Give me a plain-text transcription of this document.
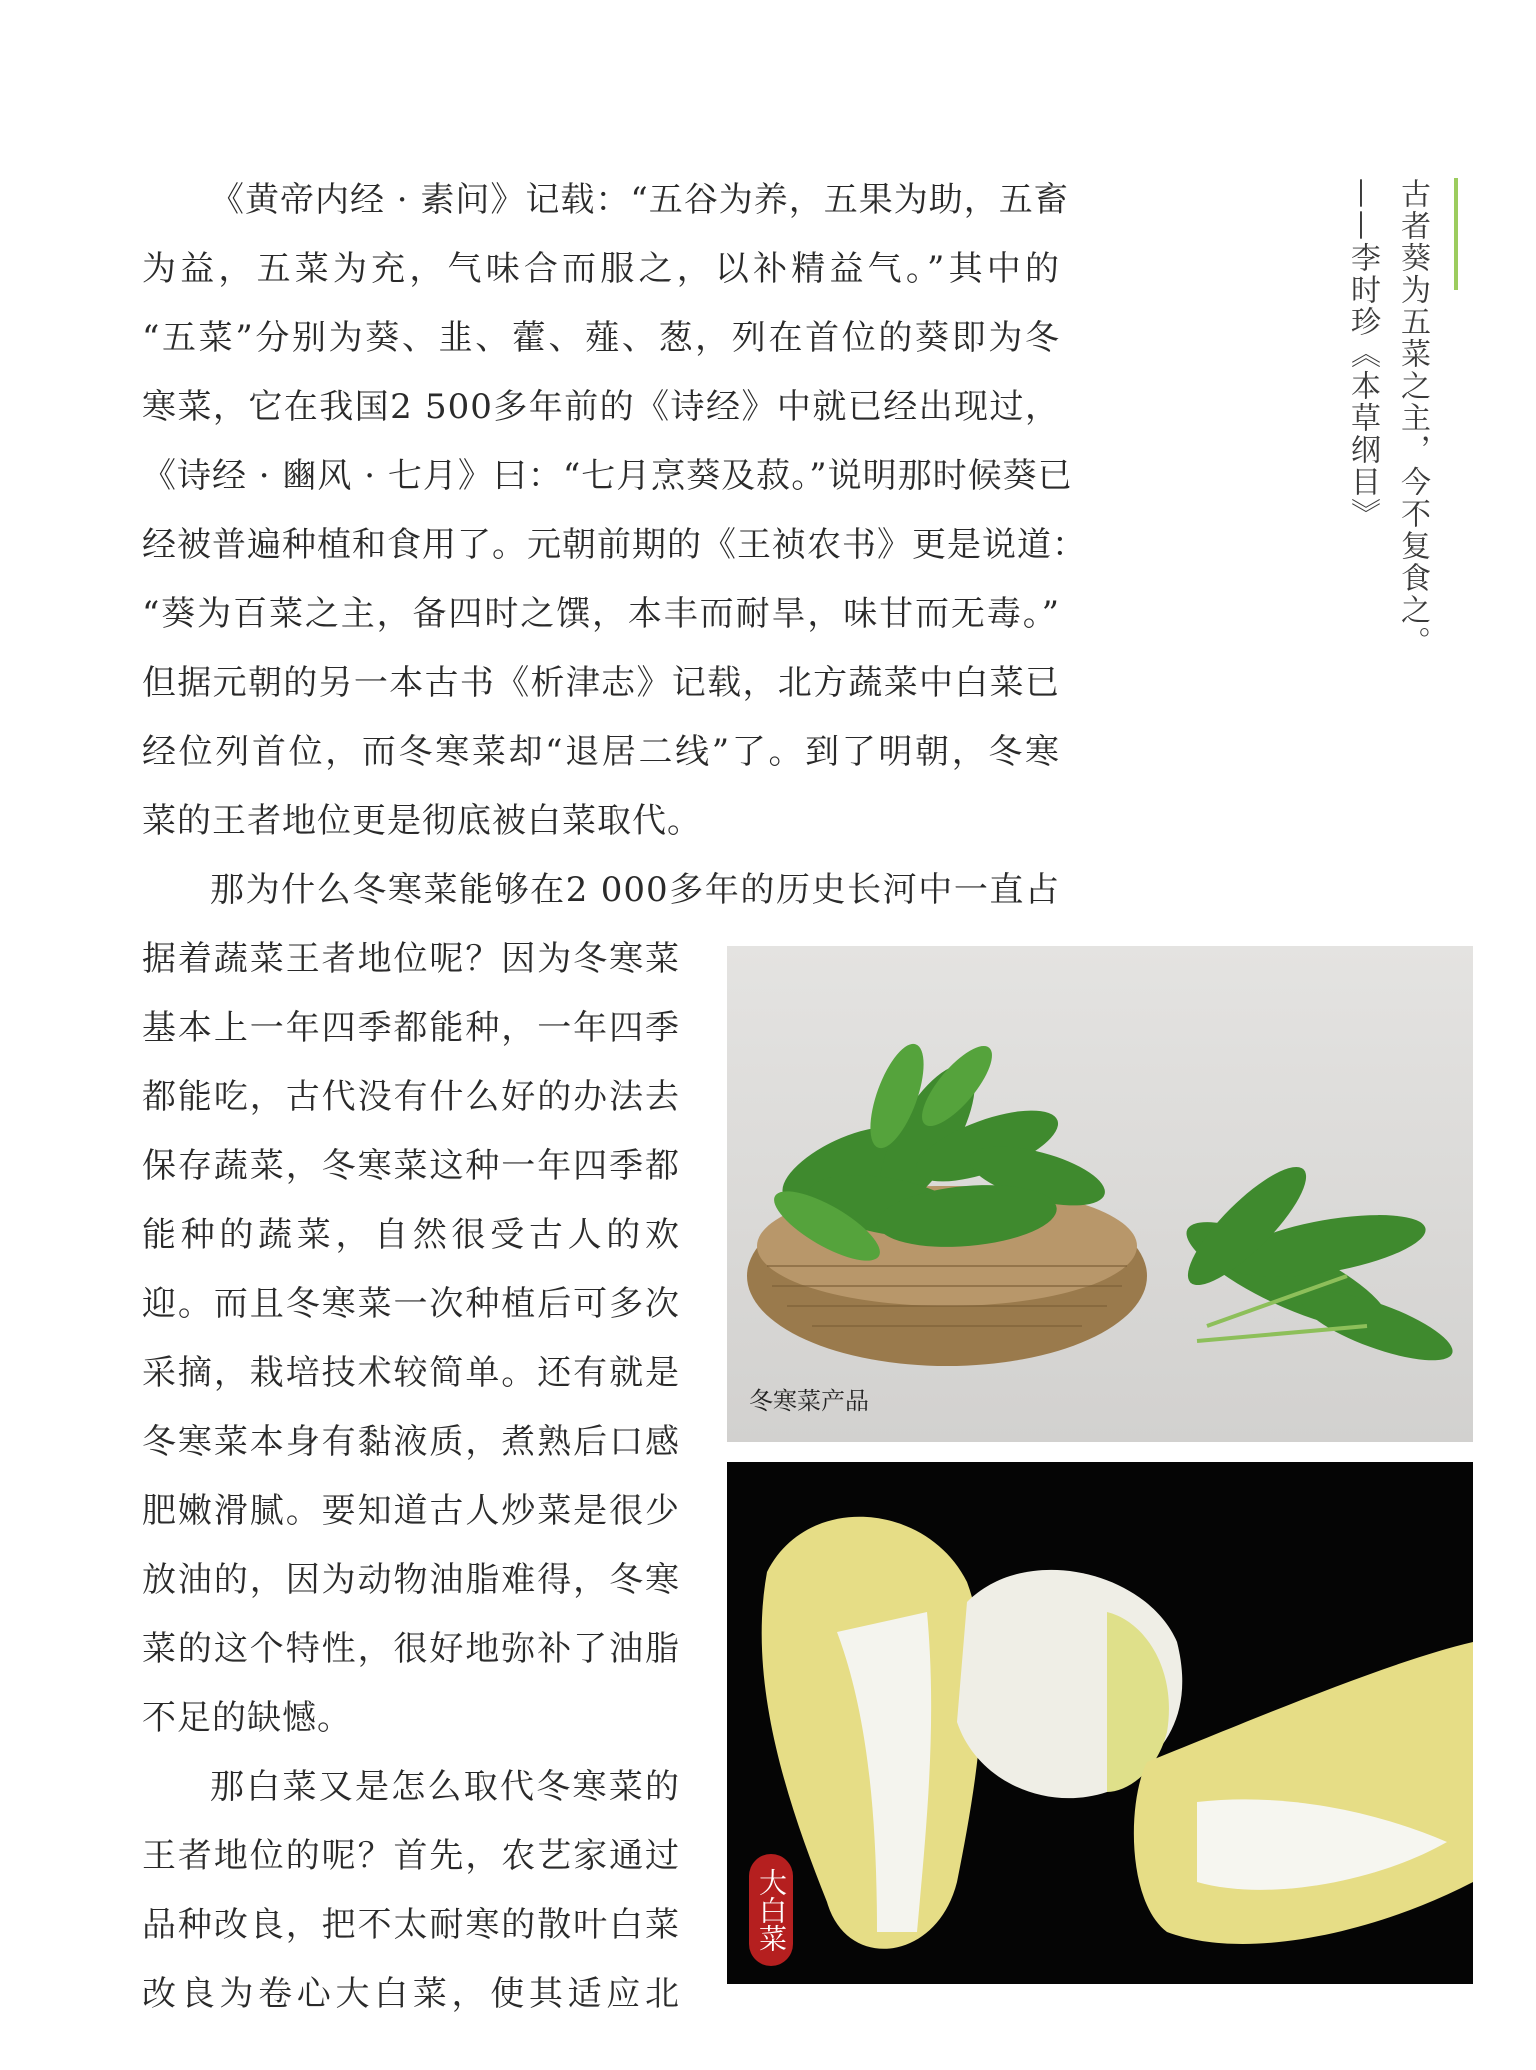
古者葵为五菜之主，今不复食之。
——李时珍《本草纲目》

《黄帝内经 · 素问》记载：“五谷为养，五果为助，五畜

为益，五菜为充，气味合而服之，以补精益气。”其中的

“五菜”分别为葵、韭、藿、薤、葱，列在首位的葵即为冬

寒菜，它在我国2 500多年前的《诗经》中就已经出现过，

《诗经 · 豳风 · 七月》曰：“七月烹葵及菽。”说明那时候葵已

经被普遍种植和食用了。元朝前期的《王祯农书》更是说道：

“葵为百菜之主，备四时之馔，本丰而耐旱，味甘而无毒。”

但据元朝的另一本古书《析津志》记载，北方蔬菜中白菜已

经位列首位，而冬寒菜却“退居二线”了。到了明朝，冬寒

菜的王者地位更是彻底被白菜取代。

那为什么冬寒菜能够在2 000多年的历史长河中一直占

据着蔬菜王者地位呢？因为冬寒菜

基本上一年四季都能种，一年四季

都能吃，古代没有什么好的办法去

保存蔬菜，冬寒菜这种一年四季都

能种的蔬菜，自然很受古人的欢

迎。而且冬寒菜一次种植后可多次

采摘，栽培技术较简单。还有就是

冬寒菜本身有黏液质，煮熟后口感

肥嫩滑腻。要知道古人炒菜是很少

放油的，因为动物油脂难得，冬寒

菜的这个特性，很好地弥补了油脂

不足的缺憾。

那白菜又是怎么取代冬寒菜的

王者地位的呢？首先，农艺家通过

品种改良，把不太耐寒的散叶白菜

改良为卷心大白菜，使其适应北

冬寒菜产品
大白菜
